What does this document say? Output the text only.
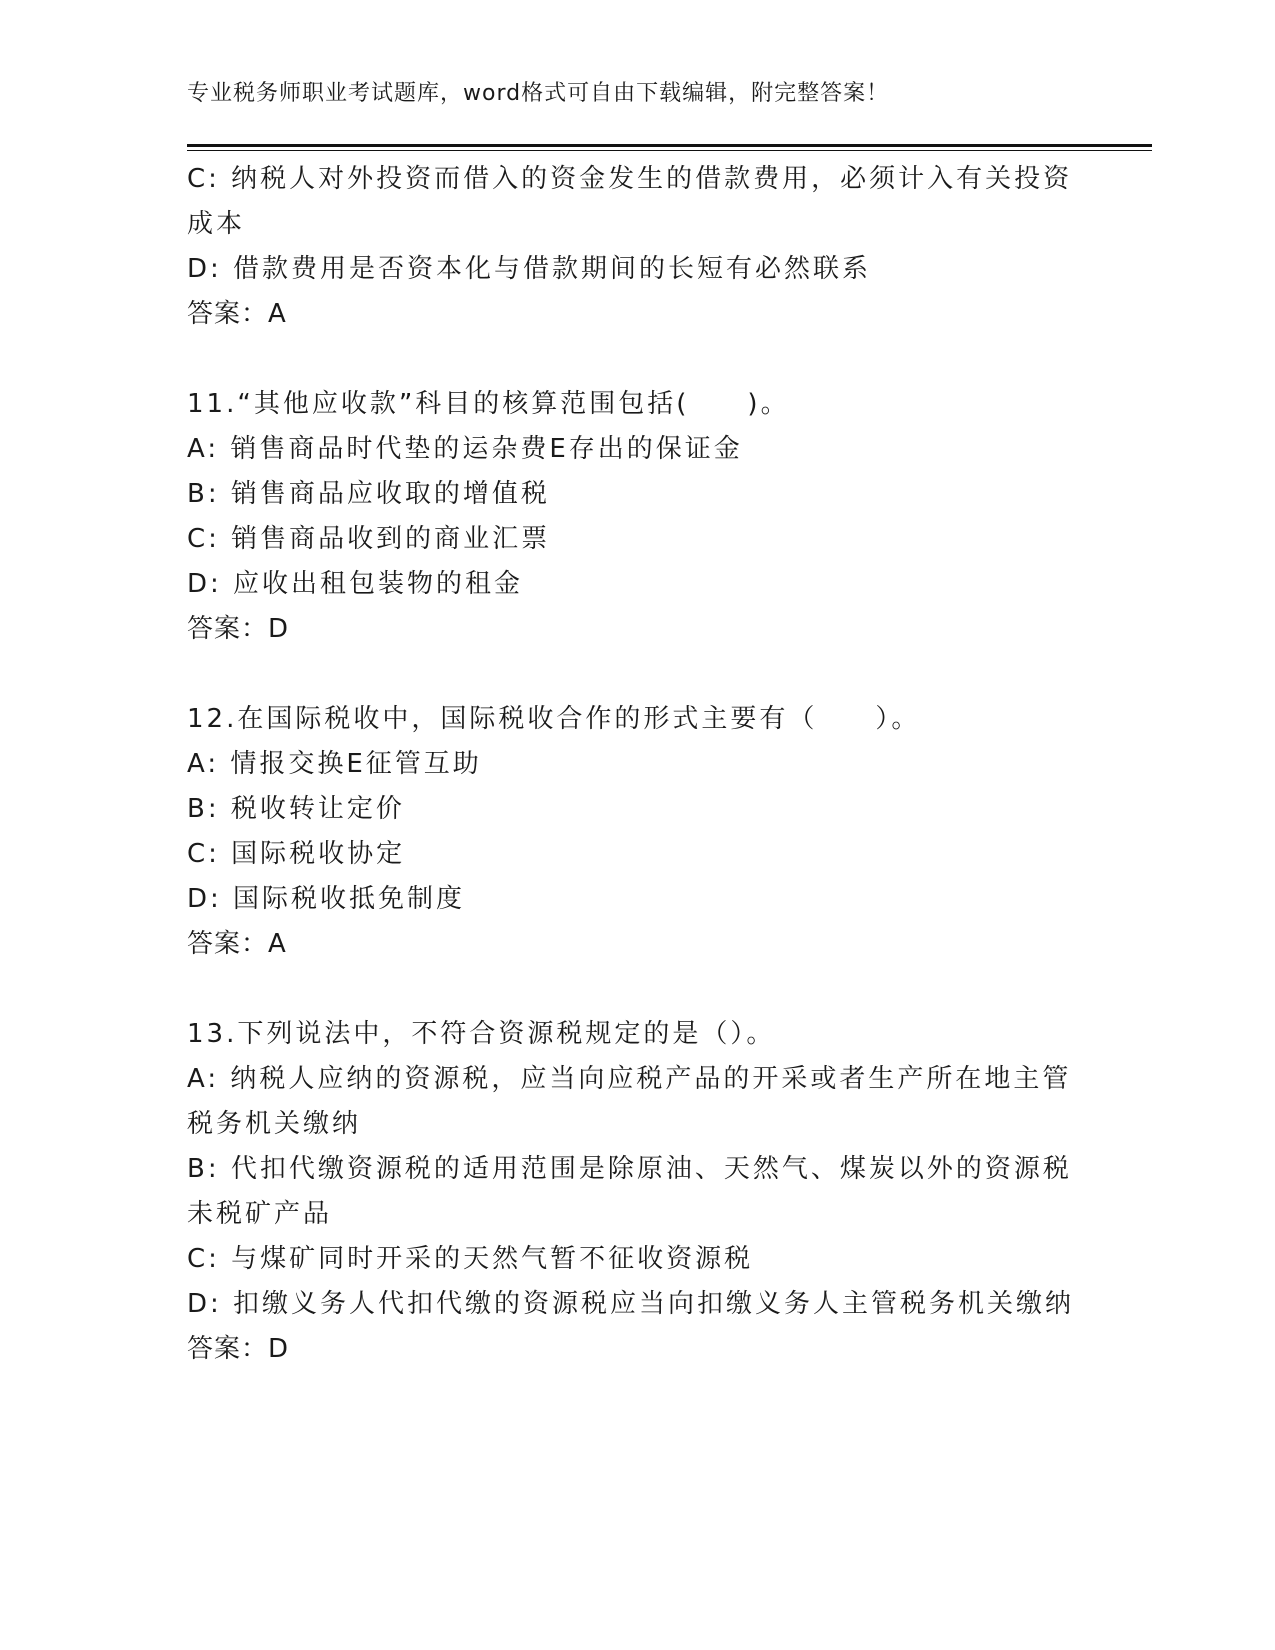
专业税务师职业考试题库，word格式可自由下载编辑，附完整答案！
C: 纳税人对外投资而借入的资金发生的借款费用，必须计入有关投资
成本
D: 借款费用是否资本化与借款期间的长短有必然联系
答案：A
11.“其他应收款”科目的核算范围包括(　　)。
A: 销售商品时代垫的运杂费E存出的保证金
B: 销售商品应收取的增值税
C: 销售商品收到的商业汇票
D: 应收出租包装物的租金
答案：D
12.在国际税收中，国际税收合作的形式主要有（　　）。
A: 情报交换E征管互助
B: 税收转让定价
C: 国际税收协定
D: 国际税收抵免制度
答案：A
13.下列说法中，不符合资源税规定的是（）。
A: 纳税人应纳的资源税，应当向应税产品的开采或者生产所在地主管
税务机关缴纳
B: 代扣代缴资源税的适用范围是除原油、天然气、煤炭以外的资源税
未税矿产品
C: 与煤矿同时开采的天然气暂不征收资源税
D: 扣缴义务人代扣代缴的资源税应当向扣缴义务人主管税务机关缴纳
答案：D
